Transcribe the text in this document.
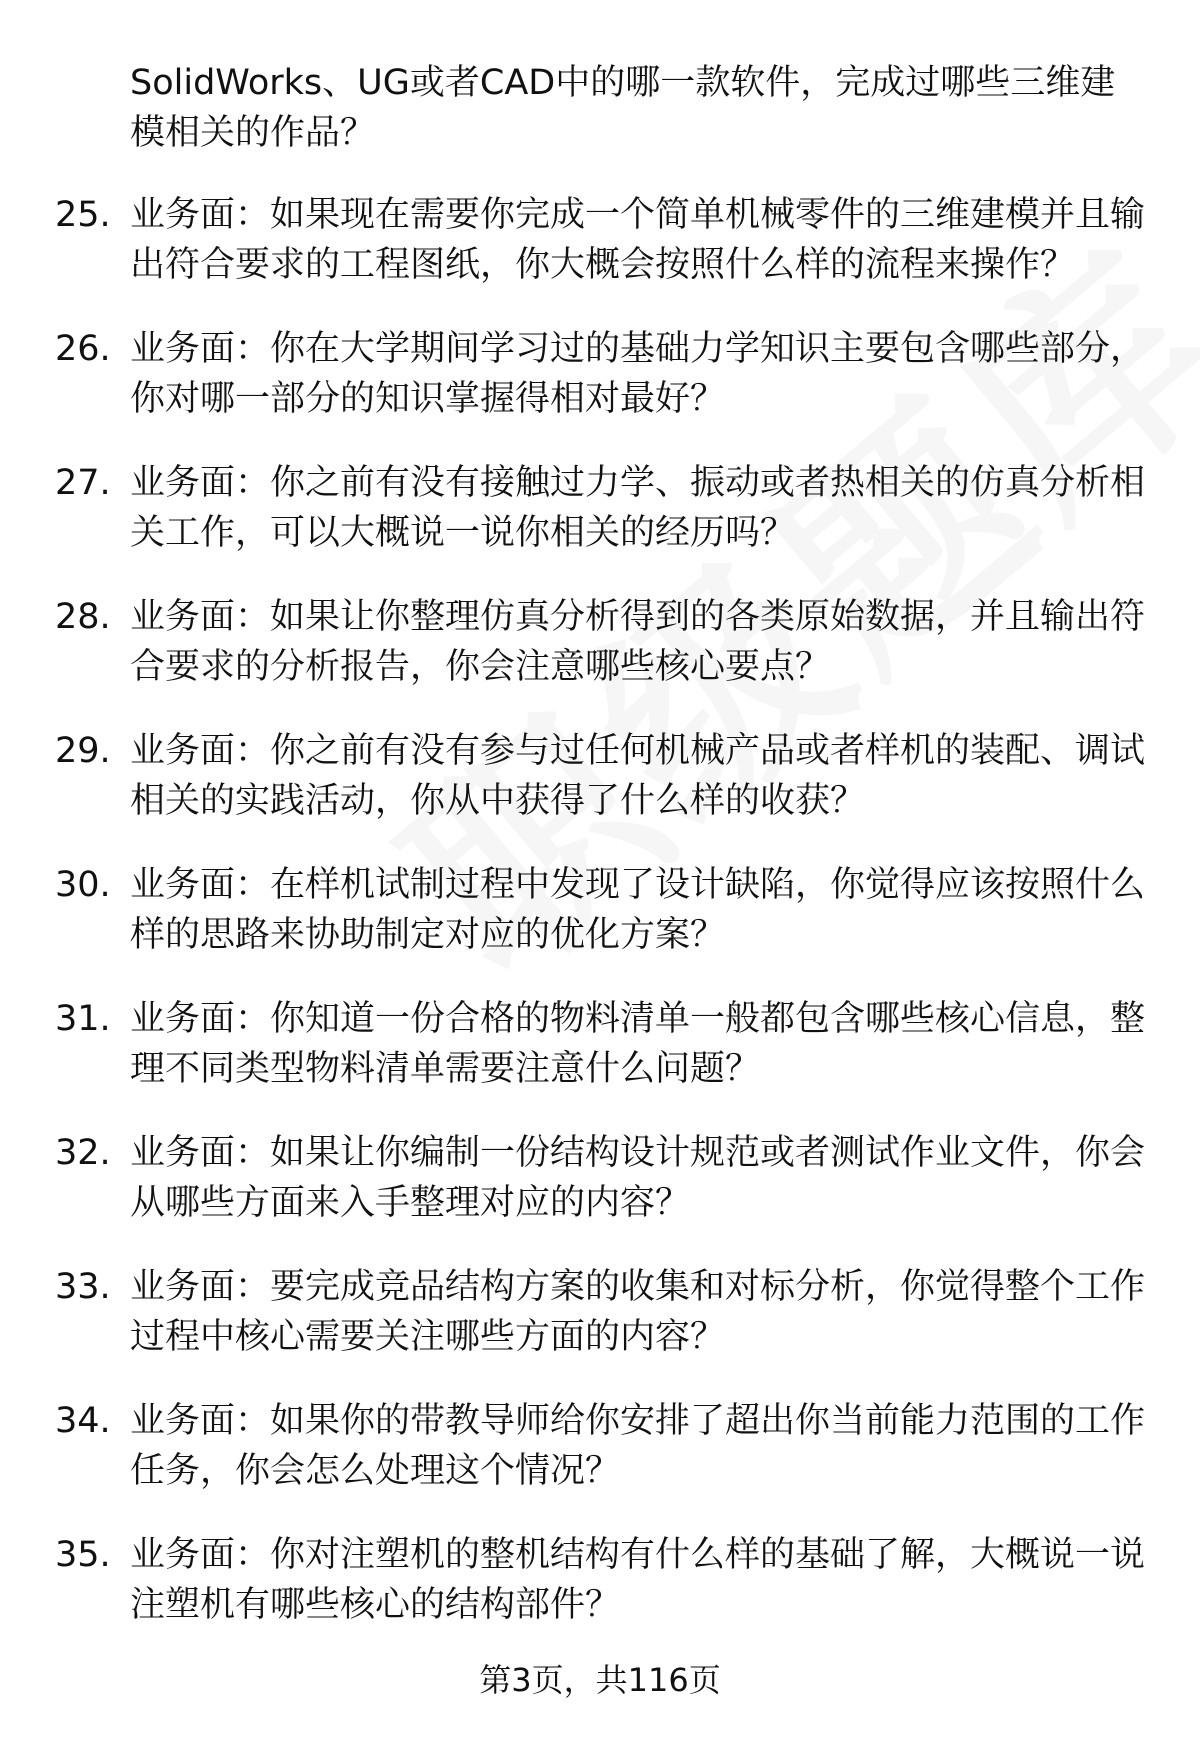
SolidWorks、UG或者CAD中的哪一款软件，完成过哪些三维建模相关的作品？
25. 业务面：如果现在需要你完成一个简单机械零件的三维建模并且输出符合要求的工程图纸，你大概会按照什么样的流程来操作？
26. 业务面：你在大学期间学习过的基础力学知识主要包含哪些部分，你对哪一部分的知识掌握得相对最好？
27. 业务面：你之前有没有接触过力学、振动或者热相关的仿真分析相关工作，可以大概说一说你相关的经历吗？
28. 业务面：如果让你整理仿真分析得到的各类原始数据，并且输出符合要求的分析报告，你会注意哪些核心要点？
29. 业务面：你之前有没有参与过任何机械产品或者样机的装配、调试相关的实践活动，你从中获得了什么样的收获？
30. 业务面：在样机试制过程中发现了设计缺陷，你觉得应该按照什么样的思路来协助制定对应的优化方案？
31. 业务面：你知道一份合格的物料清单一般都包含哪些核心信息，整理不同类型物料清单需要注意什么问题？
32. 业务面：如果让你编制一份结构设计规范或者测试作业文件，你会从哪些方面来入手整理对应的内容？
33. 业务面：要完成竞品结构方案的收集和对标分析，你觉得整个工作过程中核心需要关注哪些方面的内容？
34. 业务面：如果你的带教导师给你安排了超出你当前能力范围的工作任务，你会怎么处理这个情况？
35. 业务面：你对注塑机的整机结构有什么样的基础了解，大概说一说注塑机有哪些核心的结构部件？
第3页，共116页
